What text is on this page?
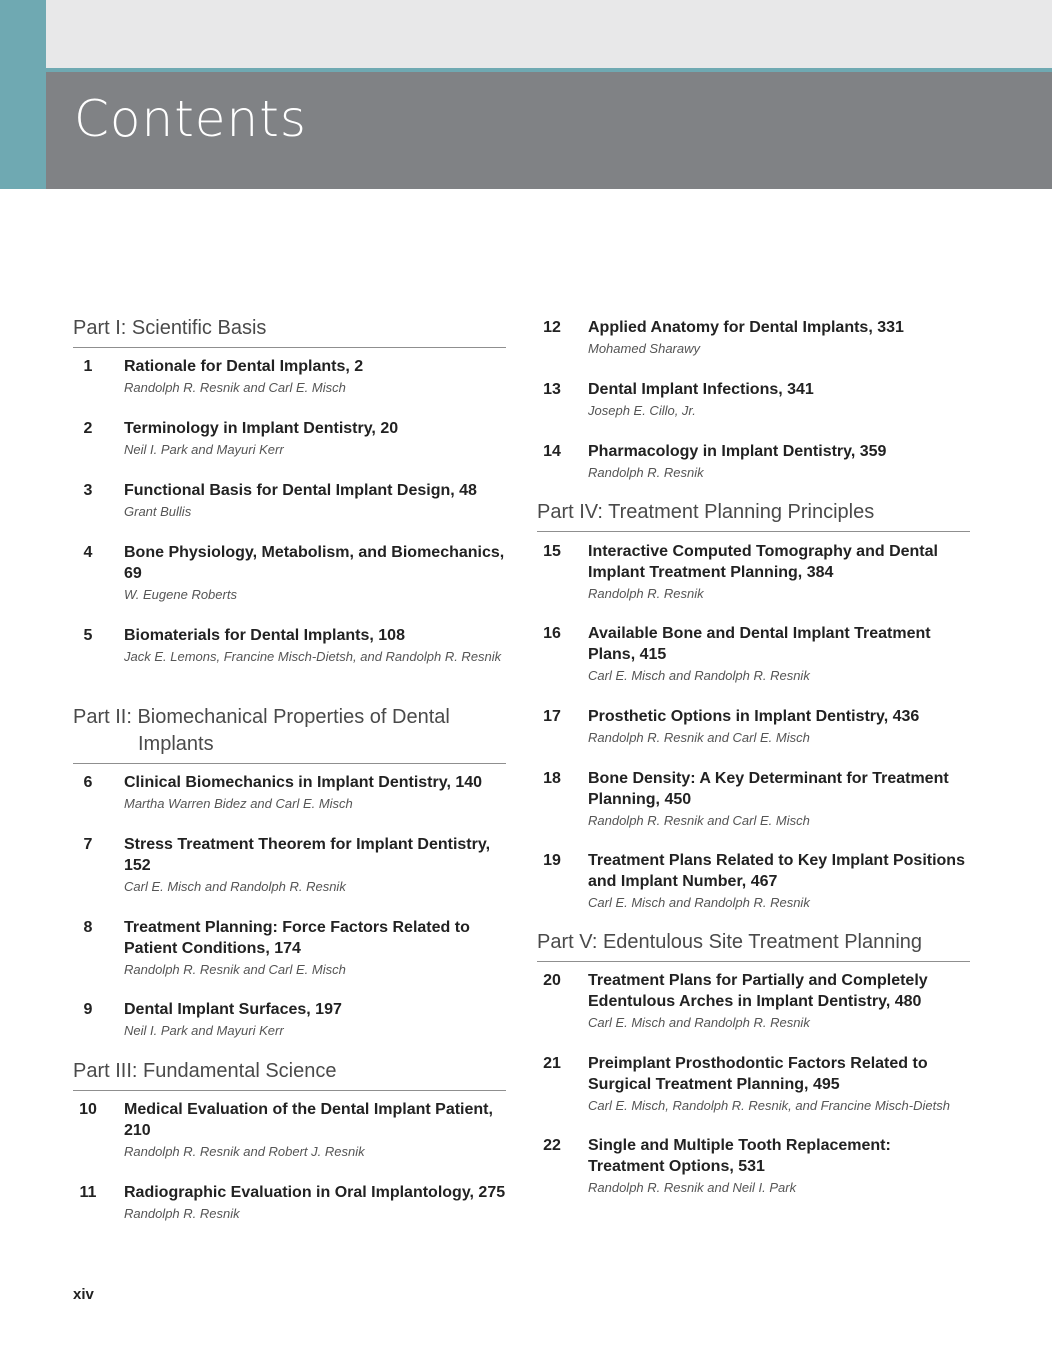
Contents
Part I: Scientific Basis
1	Rationale for Dental Implants, 2
Randolph R. Resnik and Carl E. Misch
2	Terminology in Implant Dentistry, 20
Neil I. Park and Mayuri Kerr
3	Functional Basis for Dental Implant Design, 48
Grant Bullis
4	Bone Physiology, Metabolism, and Biomechanics, 69
W. Eugene Roberts
5	Biomaterials for Dental Implants, 108
Jack E. Lemons, Francine Misch-Dietsh, and Randolph R. Resnik
Part II: Biomechanical Properties of Dental Implants
6	Clinical Biomechanics in Implant Dentistry, 140
Martha Warren Bidez and Carl E. Misch
7	Stress Treatment Theorem for Implant Dentistry, 152
Carl E. Misch and Randolph R. Resnik
8	Treatment Planning: Force Factors Related to Patient Conditions, 174
Randolph R. Resnik and Carl E. Misch
9	Dental Implant Surfaces, 197
Neil I. Park and Mayuri Kerr
Part III: Fundamental Science
10	Medical Evaluation of the Dental Implant Patient, 210
Randolph R. Resnik and Robert J. Resnik
11	Radiographic Evaluation in Oral Implantology, 275
Randolph R. Resnik
12	Applied Anatomy for Dental Implants, 331
Mohamed Sharawy
13	Dental Implant Infections, 341
Joseph E. Cillo, Jr.
14	Pharmacology in Implant Dentistry, 359
Randolph R. Resnik
Part IV: Treatment Planning Principles
15	Interactive Computed Tomography and Dental Implant Treatment Planning, 384
Randolph R. Resnik
16	Available Bone and Dental Implant Treatment Plans, 415
Carl E. Misch and Randolph R. Resnik
17	Prosthetic Options in Implant Dentistry, 436
Randolph R. Resnik and Carl E. Misch
18	Bone Density: A Key Determinant for Treatment Planning, 450
Randolph R. Resnik and Carl E. Misch
19	Treatment Plans Related to Key Implant Positions and Implant Number, 467
Carl E. Misch and Randolph R. Resnik
Part V: Edentulous Site Treatment Planning
20	Treatment Plans for Partially and Completely Edentulous Arches in Implant Dentistry, 480
Carl E. Misch and Randolph R. Resnik
21	Preimplant Prosthodontic Factors Related to Surgical Treatment Planning, 495
Carl E. Misch, Randolph R. Resnik, and Francine Misch-Dietsh
22	Single and Multiple Tooth Replacement: Treatment Options, 531
Randolph R. Resnik and Neil I. Park
xiv
